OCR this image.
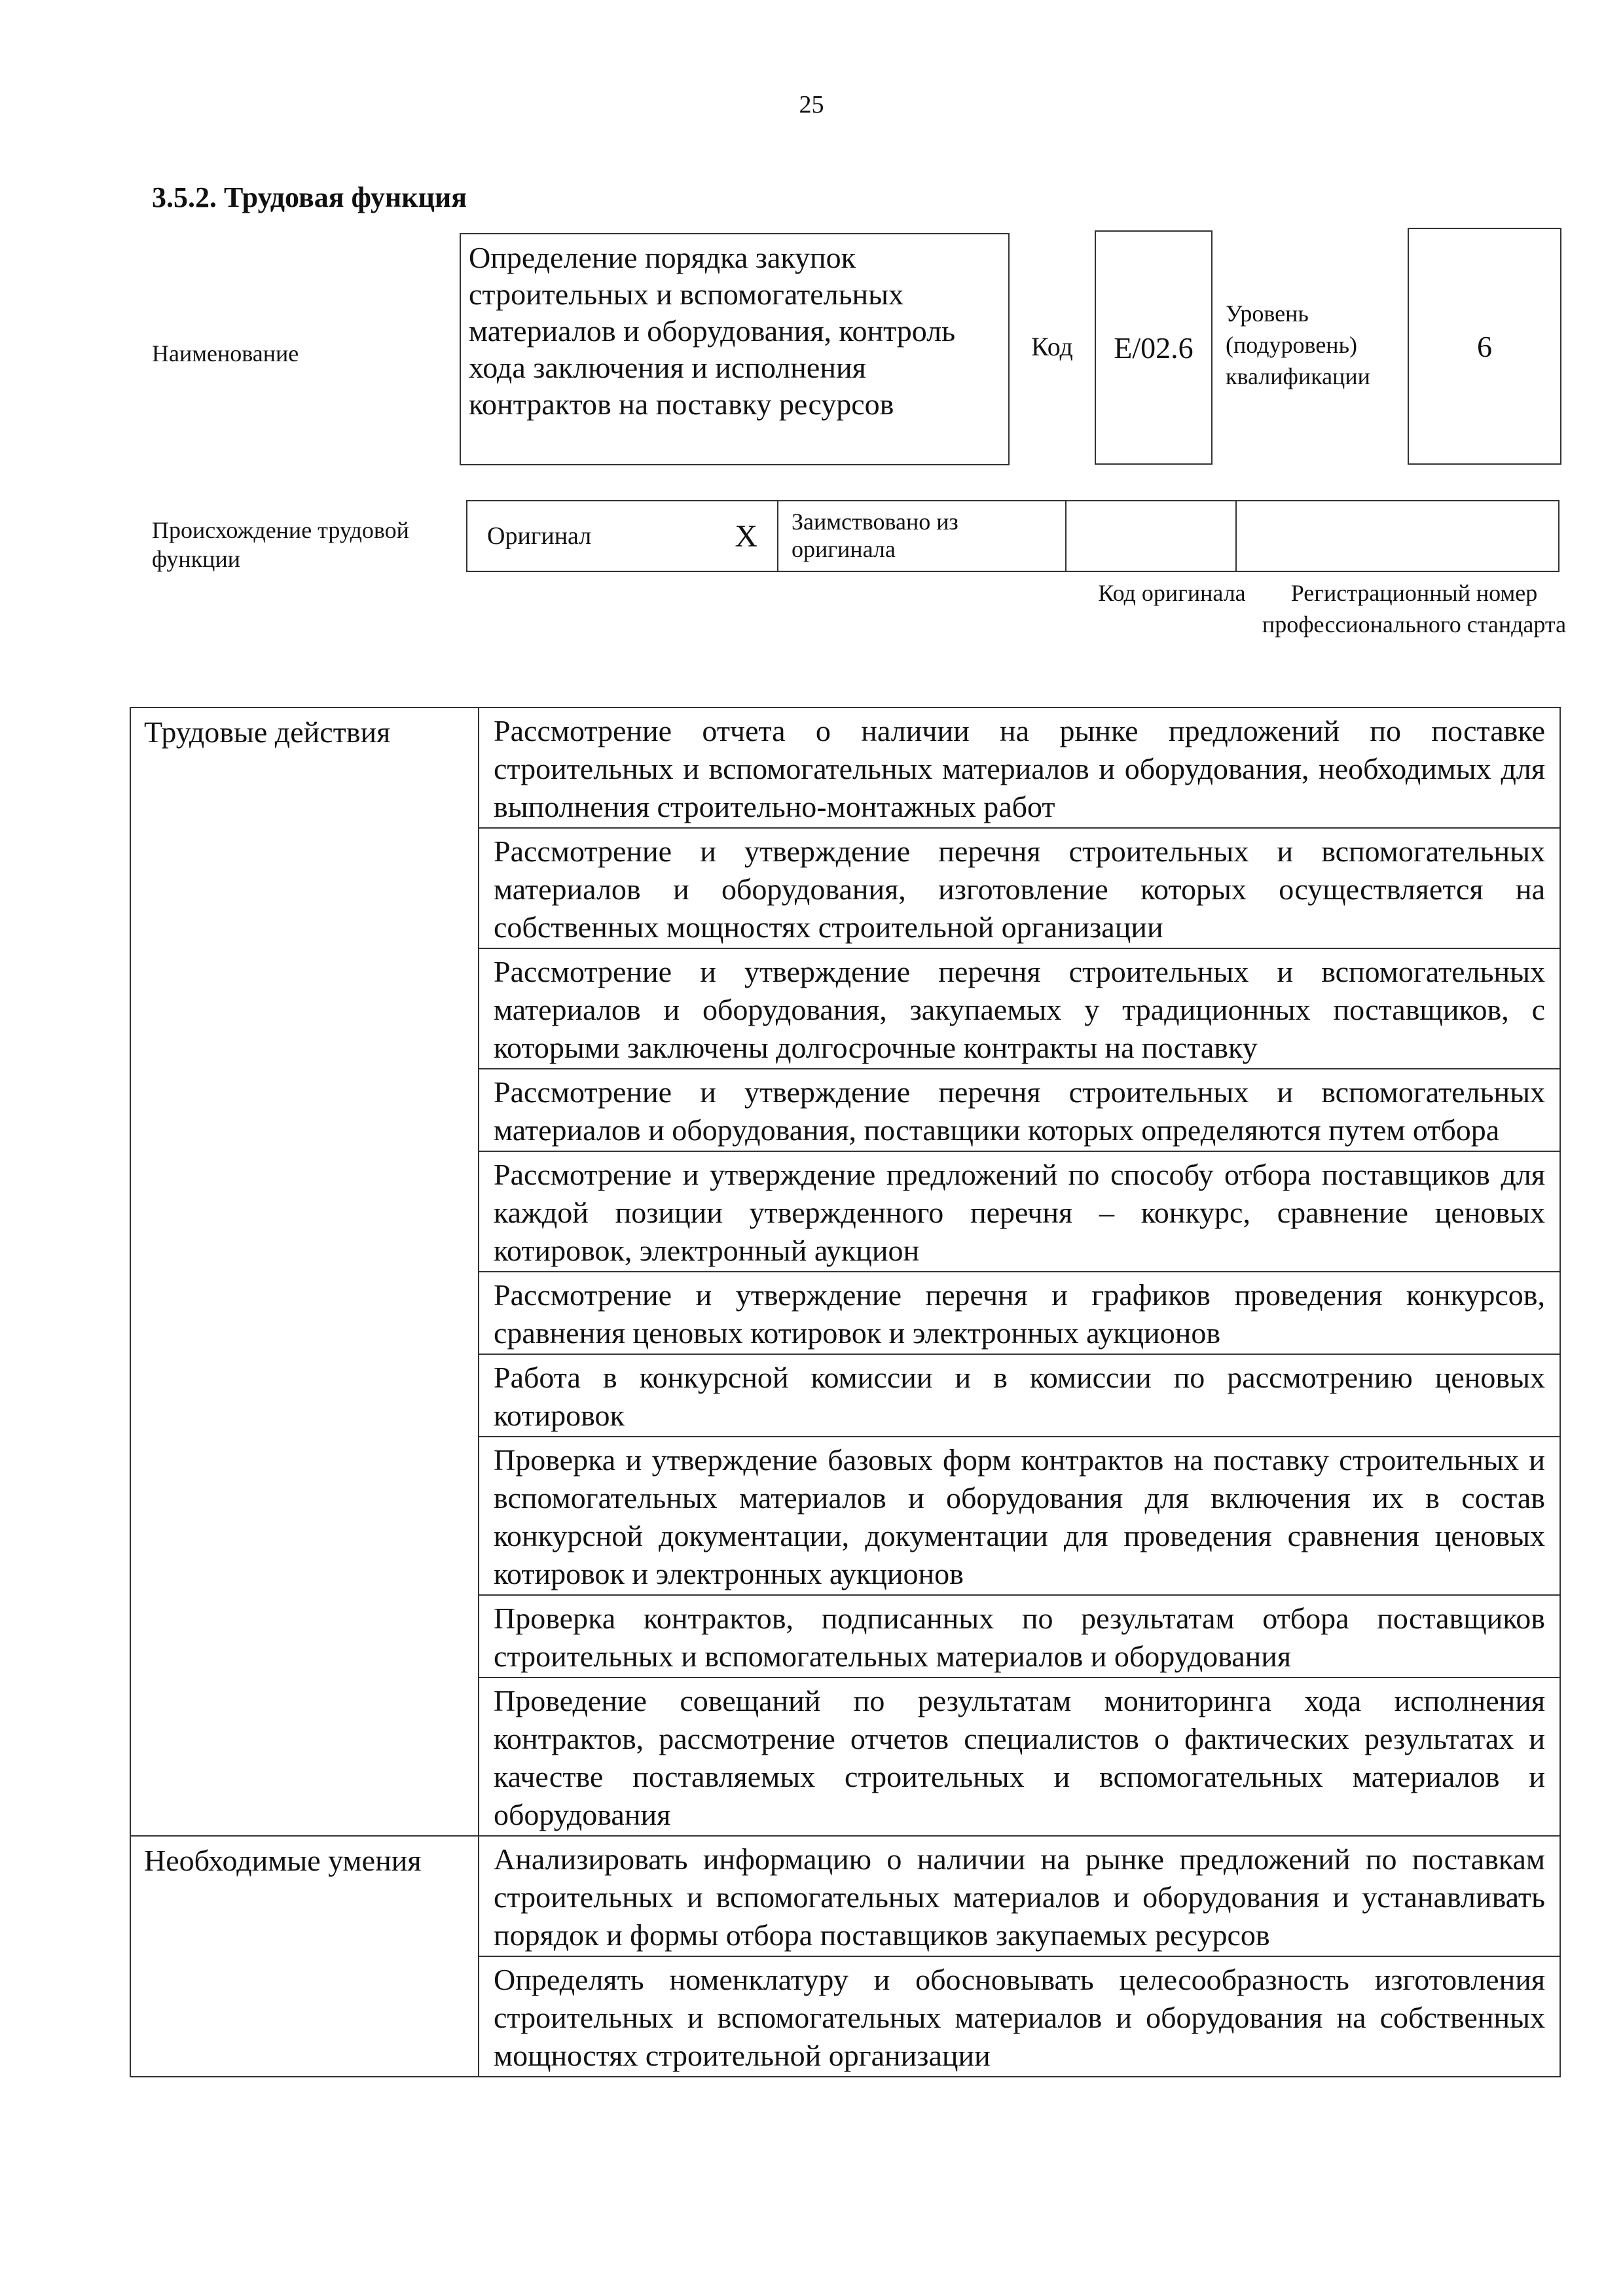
25
3.5.2. Трудовая функция
Наименование
Определение порядка закупок строительных и вспомогательных материалов и оборудования, контроль хода заключения и исполнения контрактов на поставку ресурсов
Код	E/02.6
Уровень (подуровень) квалификации
6
Происхождение трудовой функции
Оригинал	X	Заимствовано из оригинала
Код оригинала	Регистрационный номер профессионального стандарта
Трудовые действия	Рассмотрение отчета о наличии на рынке предложений по поставке строительных и вспомогательных материалов и оборудования, необходимых для выполнения строительно-монтажных работ
	Рассмотрение и утверждение перечня строительных и вспомогательных материалов и оборудования, изготовление которых осуществляется на собственных мощностях строительной организации
	Рассмотрение и утверждение перечня строительных и вспомогательных материалов и оборудования, закупаемых у традиционных поставщиков, с которыми заключены долгосрочные контракты на поставку
	Рассмотрение и утверждение перечня строительных и вспомогательных материалов и оборудования, поставщики которых определяются путем отбора
	Рассмотрение и утверждение предложений по способу отбора поставщиков для каждой позиции утвержденного перечня – конкурс, сравнение ценовых котировок, электронный аукцион
	Рассмотрение и утверждение перечня и графиков проведения конкурсов, сравнения ценовых котировок и электронных аукционов
	Работа в конкурсной комиссии и в комиссии по рассмотрению ценовых котировок
	Проверка и утверждение базовых форм контрактов на поставку строительных и вспомогательных материалов и оборудования для включения их в состав конкурсной документации, документации для проведения сравнения ценовых котировок и электронных аукционов
	Проверка контрактов, подписанных по результатам отбора поставщиков строительных и вспомогательных материалов и оборудования
	Проведение совещаний по результатам мониторинга хода исполнения контрактов, рассмотрение отчетов специалистов о фактических результатах и качестве поставляемых строительных и вспомогательных материалов и оборудования
Необходимые умения	Анализировать информацию о наличии на рынке предложений по поставкам строительных и вспомогательных материалов и оборудования и устанавливать порядок и формы отбора поставщиков закупаемых ресурсов
	Определять номенклатуру и обосновывать целесообразность изготовления строительных и вспомогательных материалов и оборудования на собственных мощностях строительной организации
